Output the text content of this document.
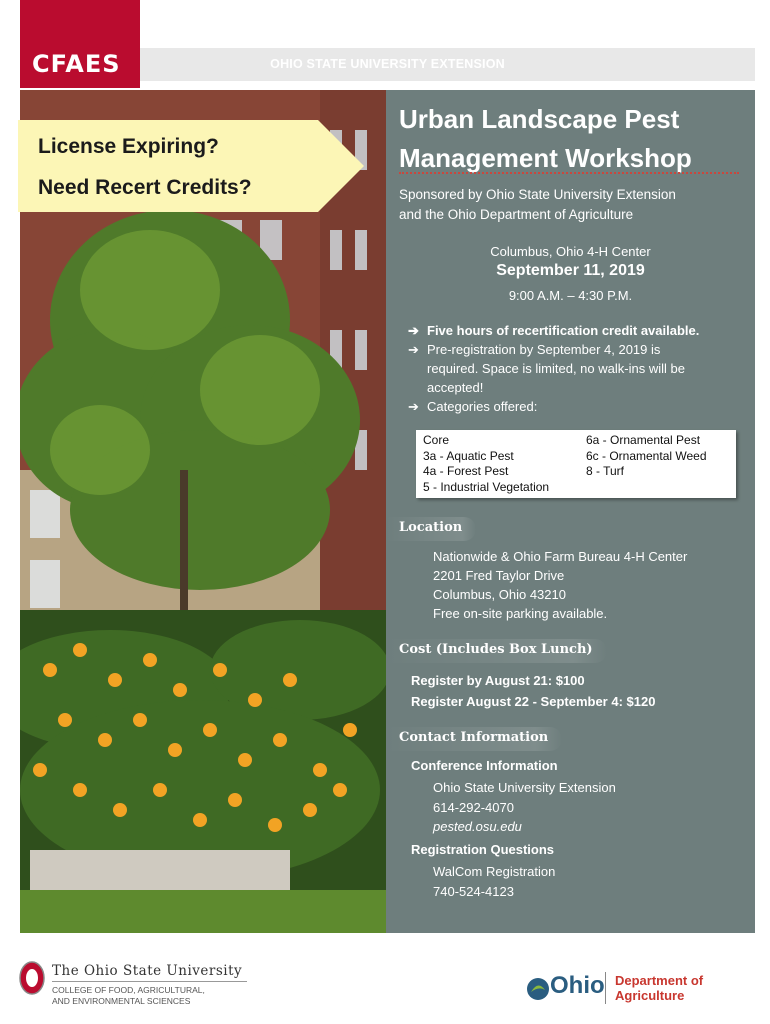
OHIO STATE UNIVERSITY EXTENSION
CFAES
License Expiring?
Need Recert Credits?
Urban Landscape Pest
Management Workshop
Sponsored by Ohio State University Extension
and the Ohio Department of Agriculture
Columbus, Ohio 4-H Center
September 11, 2019
9:00 A.M. – 4:30 P.M.
➔ Five hours of recertification credit available.
➔ Pre-registration by September 4, 2019 is
required. Space is limited, no walk-ins will be
accepted!
➔ Categories offered:
Core
3a - Aquatic Pest
4a - Forest Pest
5 - Industrial Vegetation
6a - Ornamental Pest
6c - Ornamental Weed
8 - Turf
Location
Nationwide & Ohio Farm Bureau 4-H Center
2201 Fred Taylor Drive
Columbus, Ohio 43210
Free on-site parking available.
Cost (Includes Box Lunch)
Register by August 21: $100
Register August 22 - September 4: $120
Contact Information
Conference Information
Ohio State University Extension
614-292-4070
pested.osu.edu
Registration Questions
WalCom Registration
740-524-4123
The Ohio State University
COLLEGE OF FOOD, AGRICULTURAL,
AND ENVIRONMENTAL SCIENCES
Ohio Department of
Agriculture
